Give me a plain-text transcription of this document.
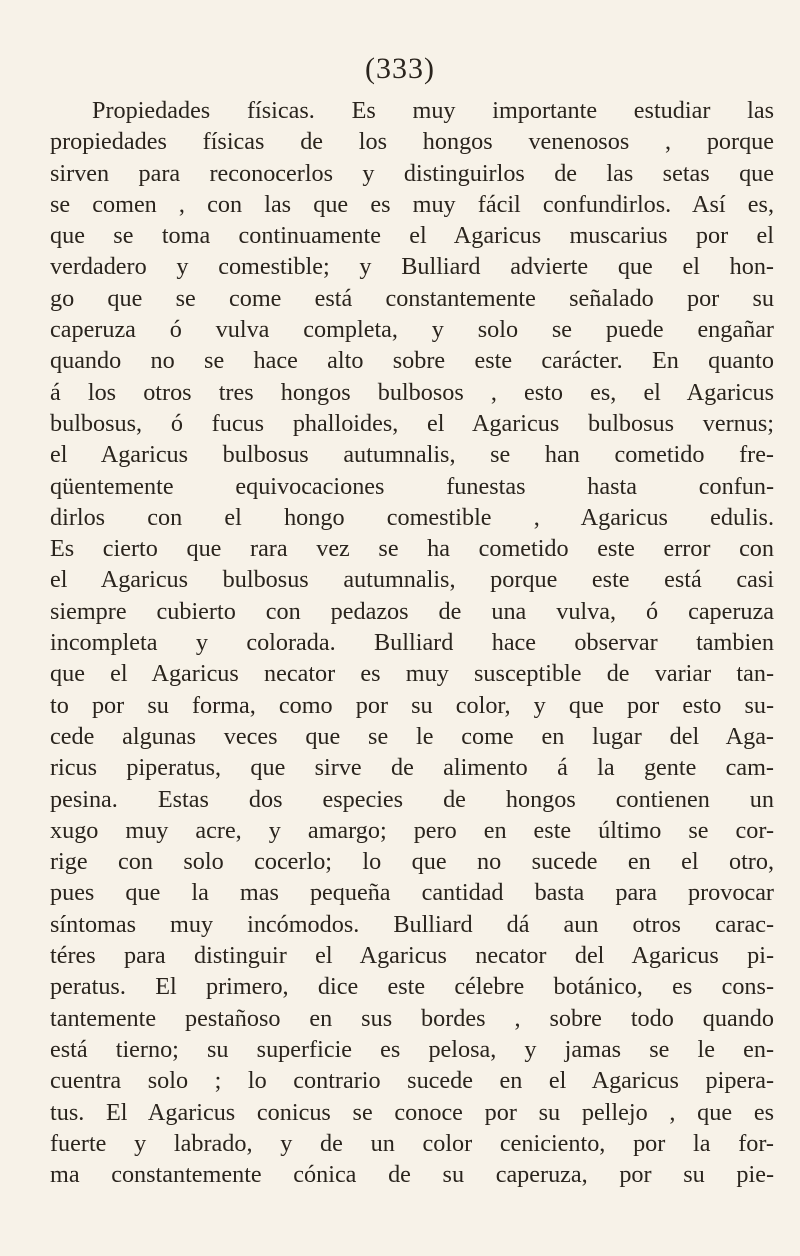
(333)
Propiedades físicas. Es muy importante estudiar las
propiedades físicas de los hongos venenosos , porque
sirven para reconocerlos y distinguirlos de las setas que
se comen , con las que es muy fácil confundirlos. Así es,
que se toma continuamente el Agaricus muscarius por el
verdadero y comestible; y Bulliard advierte que el hon-
go que se come está constantemente señalado por su
caperuza ó vulva completa, y solo se puede engañar
quando no se hace alto sobre este carácter. En quanto
á los otros tres hongos bulbosos , esto es, el Agaricus
bulbosus, ó fucus phalloides, el Agaricus bulbosus vernus;
el Agaricus bulbosus autumnalis, se han cometido fre-
qüentemente equivocaciones funestas hasta confun-
dirlos con el hongo comestible , Agaricus edulis.
Es cierto que rara vez se ha cometido este error con
el Agaricus bulbosus autumnalis, porque este está casi
siempre cubierto con pedazos de una vulva, ó caperuza
incompleta y colorada. Bulliard hace observar tambien
que el Agaricus necator es muy susceptible de variar tan-
to por su forma, como por su color, y que por esto su-
cede algunas veces que se le come en lugar del Aga-
ricus piperatus, que sirve de alimento á la gente cam-
pesina. Estas dos especies de hongos contienen un
xugo muy acre, y amargo; pero en este último se cor-
rige con solo cocerlo; lo que no sucede en el otro,
pues que la mas pequeña cantidad basta para provocar
síntomas muy incómodos. Bulliard dá aun otros carac-
téres para distinguir el Agaricus necator del Agaricus pi-
peratus. El primero, dice este célebre botánico, es cons-
tantemente pestañoso en sus bordes , sobre todo quando
está tierno; su superficie es pelosa, y jamas se le en-
cuentra solo ; lo contrario sucede en el Agaricus pipera-
tus. El Agaricus conicus se conoce por su pellejo , que es
fuerte y labrado, y de un color ceniciento, por la for-
ma constantemente cónica de su caperuza, por su pie-
